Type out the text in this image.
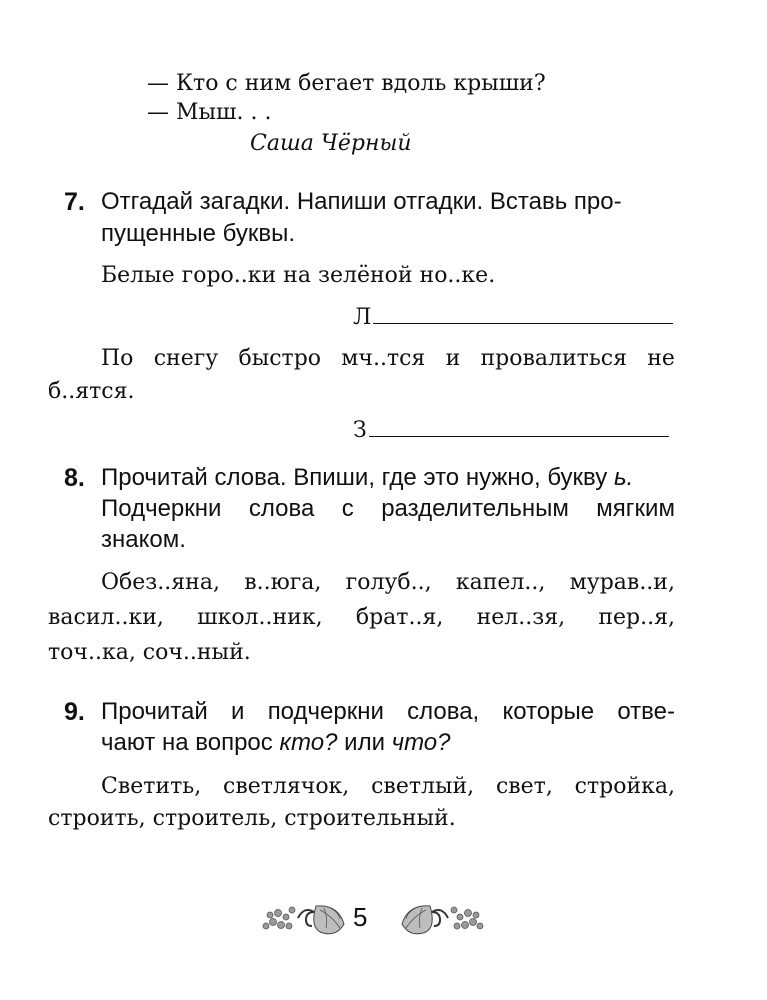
— Кто с ним бегает вдоль крыши?
— Мыш. . .
Саша Чёрный
7. Отгадай загадки. Напиши отгадки. Вставь про-
пущенные буквы.
Белые горо..ки на зелёной но..ке.
Л
По снегу быстро мч..тся и провалиться не
б..ятся.
З
8. Прочитай слова. Впиши, где это нужно, букву ь.
Подчеркни слова с разделительным мягким
знаком.
Обез..яна, в..юга, голуб.., капел.., мурав..и,
васил..ки, школ..ник, брат..я, нел..зя, пер..я,
точ..ка, соч..ный.
9. Прочитай и подчеркни слова, которые отве-
чают на вопрос кто? или что?
Светить, светлячок, светлый, свет, стройка,
строить, строитель, строительный.
5
